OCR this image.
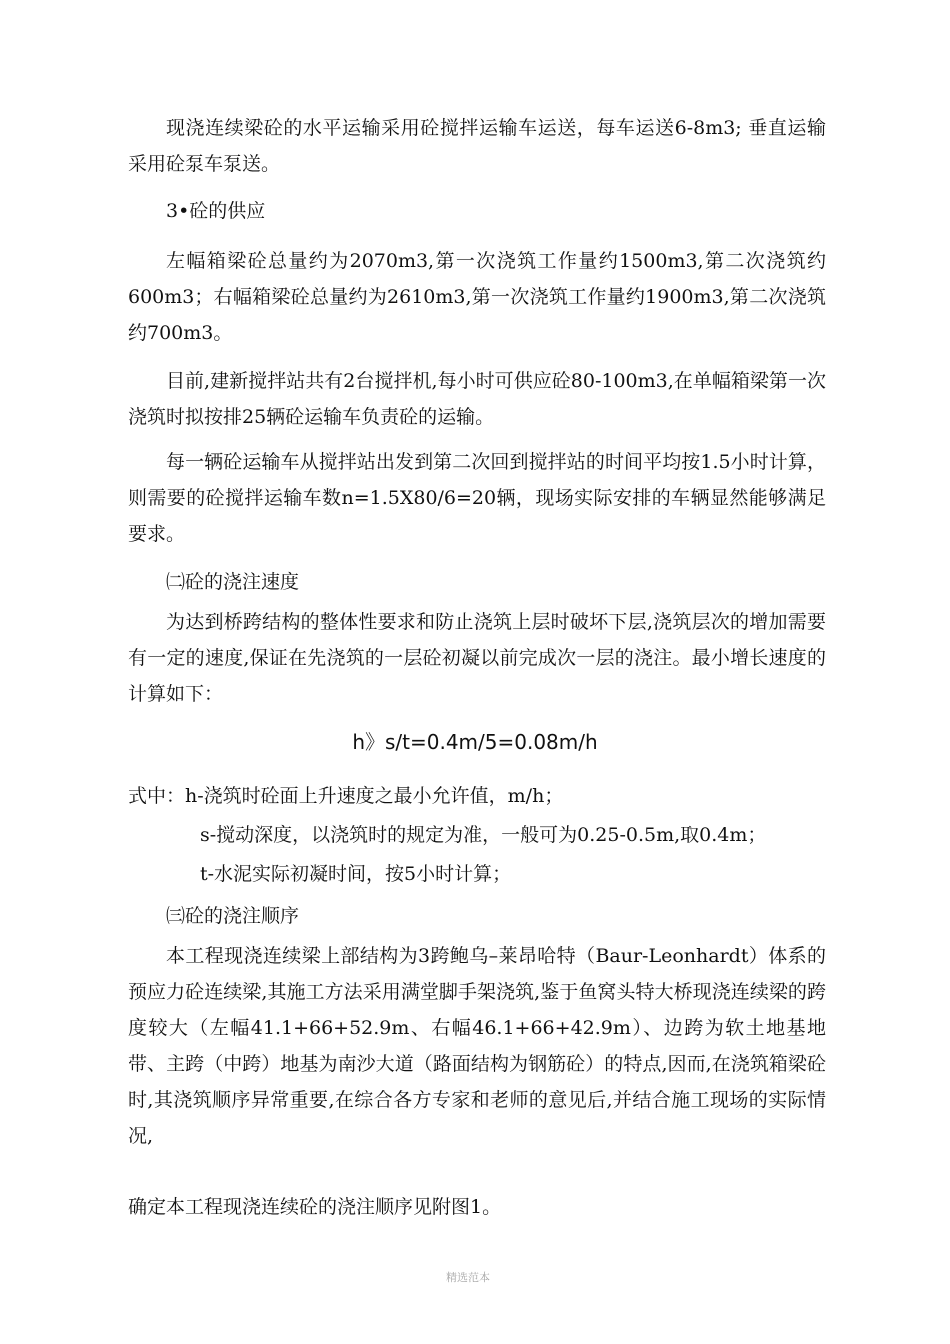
现浇连续梁砼的水平运输采用砼搅拌运输车运送，每车运送6-8m3; 垂直运输采用砼泵车泵送。

3•砼的供应

左幅箱梁砼总量约为2070m3,第一次浇筑工作量约1500m3,第二次浇筑约600m3；右幅箱梁砼总量约为2610m3,第一次浇筑工作量约1900m3,第二次浇筑约700m3。

目前,建新搅拌站共有2台搅拌机,每小时可供应砼80-100m3,在单幅箱梁第一次浇筑时拟按排25辆砼运输车负责砼的运输。

每一辆砼运输车从搅拌站出发到第二次回到搅拌站的时间平均按1.5小时计算，则需要的砼搅拌运输车数n=1.5X80/6=20辆，现场实际安排的车辆显然能够满足要求。

㈡砼的浇注速度

为达到桥跨结构的整体性要求和防止浇筑上层时破坏下层,浇筑层次的增加需要有一定的速度,保证在先浇筑的一层砼初凝以前完成次一层的浇注。最小增长速度的计算如下：

h》s/t=0.4m/5=0.08m/h

式中：h-浇筑时砼面上升速度之最小允许值，m/h；

s-搅动深度，以浇筑时的规定为准，一般可为0.25-0.5m,取0.4m；

t-水泥实际初凝时间，按5小时计算；

㈢砼的浇注顺序

本工程现浇连续梁上部结构为3跨鲍乌–莱昂哈特（Baur-Leonhardt）体系的预应力砼连续梁,其施工方法采用满堂脚手架浇筑,鉴于鱼窝头特大桥现浇连续梁的跨度较大（左幅41.1+66+52.9m、右幅46.1+66+42.9m）、边跨为软土地基地带、主跨（中跨）地基为南沙大道（路面结构为钢筋砼）的特点,因而,在浇筑箱梁砼时,其浇筑顺序异常重要,在综合各方专家和老师的意见后,并结合施工现场的实际情况,

确定本工程现浇连续砼的浇注顺序见附图1。

精选范本
